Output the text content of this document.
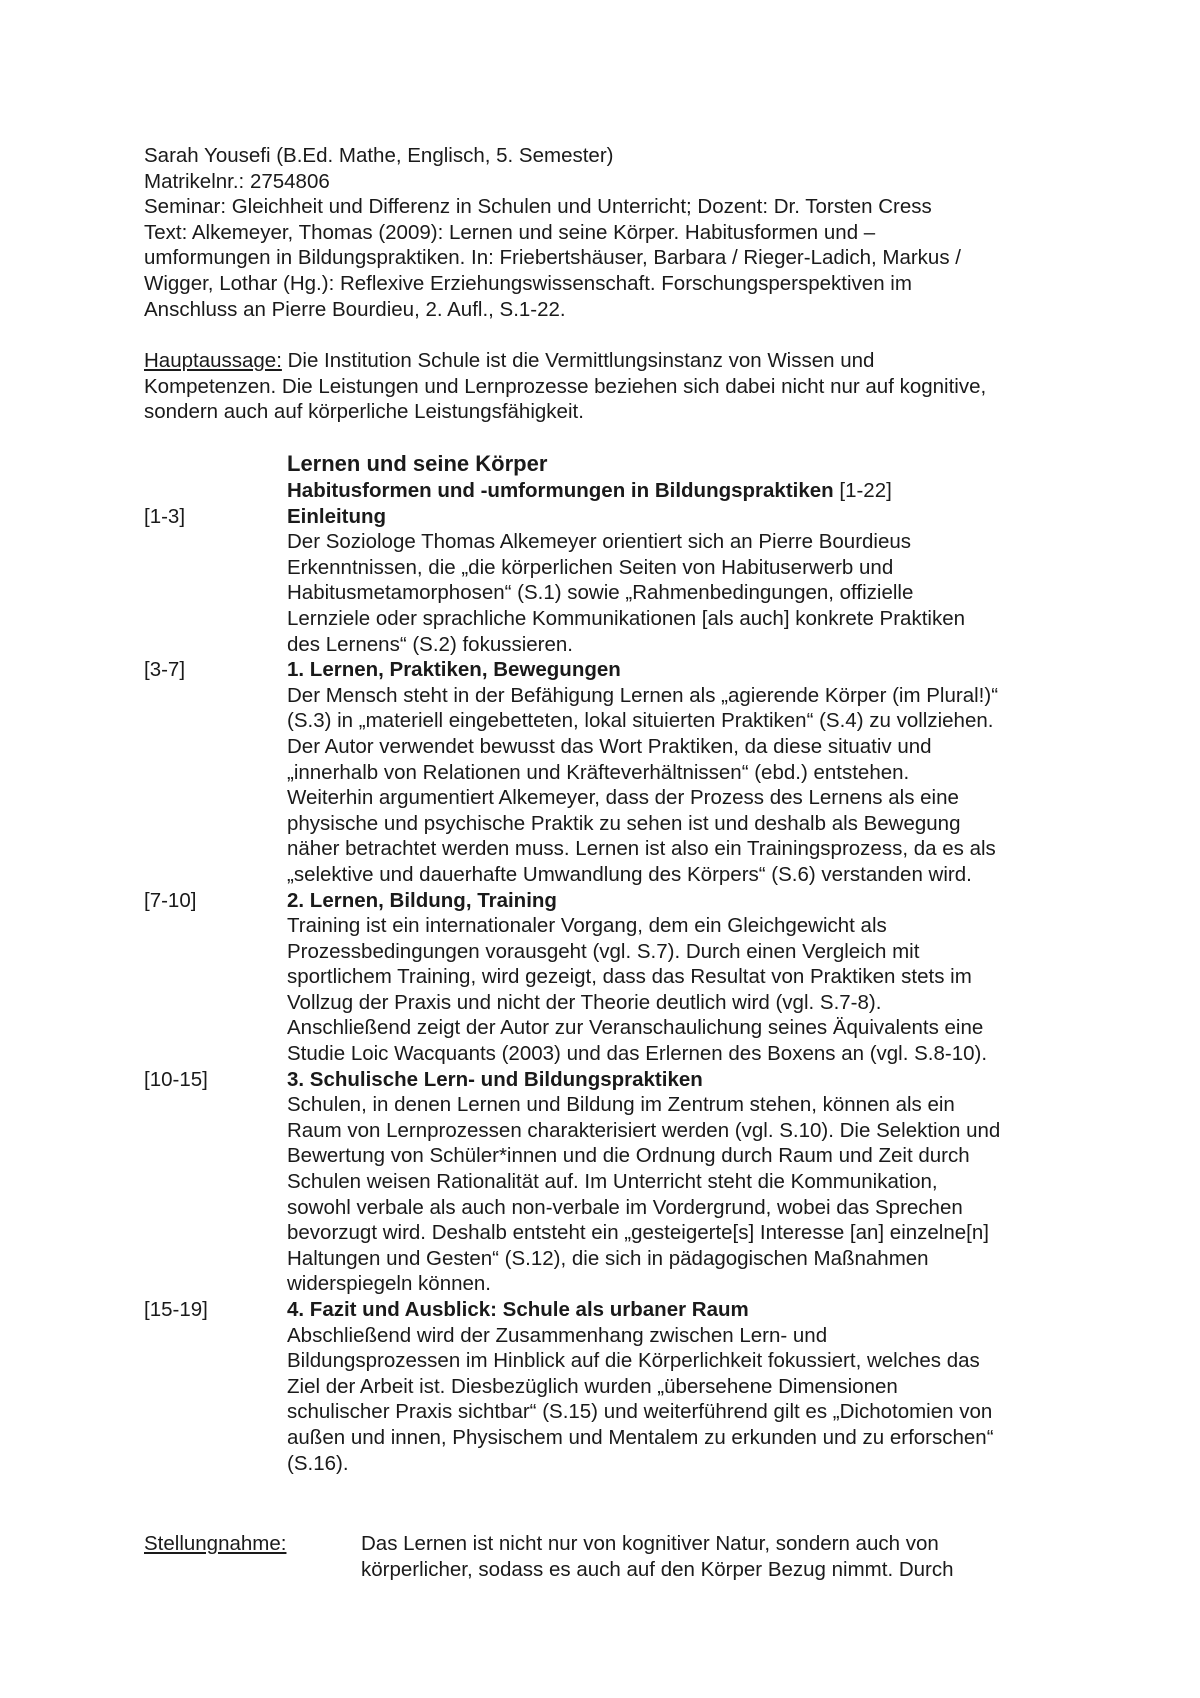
Sarah Yousefi (B.Ed. Mathe, Englisch, 5. Semester)
Matrikelnr.: 2754806
Seminar: Gleichheit und Differenz in Schulen und Unterricht; Dozent: Dr. Torsten Cress
Text: Alkemeyer, Thomas (2009): Lernen und seine Körper. Habitusformen und –
umformungen in Bildungspraktiken. In: Friebertshäuser, Barbara / Rieger-Ladich, Markus /
Wigger, Lothar (Hg.): Reflexive Erziehungswissenschaft. Forschungsperspektiven im
Anschluss an Pierre Bourdieu, 2. Aufl., S.1-22.
Hauptaussage: Die Institution Schule ist die Vermittlungsinstanz von Wissen und
Kompetenzen. Die Leistungen und Lernprozesse beziehen sich dabei nicht nur auf kognitive,
sondern auch auf körperliche Leistungsfähigkeit.
Lernen und seine Körper
Habitusformen und -umformungen in Bildungspraktiken [1-22]
[1-3]	Einleitung
Der Soziologe Thomas Alkemeyer orientiert sich an Pierre Bourdieus
Erkenntnissen, die „die körperlichen Seiten von Habituserwerb und
Habitusmetamorphosen“ (S.1) sowie „Rahmenbedingungen, offizielle
Lernziele oder sprachliche Kommunikationen [als auch] konkrete Praktiken
des Lernens“ (S.2) fokussieren.
[3-7]	1. Lernen, Praktiken, Bewegungen
Der Mensch steht in der Befähigung Lernen als „agierende Körper (im Plural!)“
(S.3) in „materiell eingebetteten, lokal situierten Praktiken“ (S.4) zu vollziehen.
Der Autor verwendet bewusst das Wort Praktiken, da diese situativ und
„innerhalb von Relationen und Kräfteverhältnissen“ (ebd.) entstehen.
Weiterhin argumentiert Alkemeyer, dass der Prozess des Lernens als eine
physische und psychische Praktik zu sehen ist und deshalb als Bewegung
näher betrachtet werden muss. Lernen ist also ein Trainingsprozess, da es als
„selektive und dauerhafte Umwandlung des Körpers“ (S.6) verstanden wird.
[7-10]	2. Lernen, Bildung, Training
Training ist ein internationaler Vorgang, dem ein Gleichgewicht als
Prozessbedingungen vorausgeht (vgl. S.7). Durch einen Vergleich mit
sportlichem Training, wird gezeigt, dass das Resultat von Praktiken stets im
Vollzug der Praxis und nicht der Theorie deutlich wird (vgl. S.7-8).
Anschließend zeigt der Autor zur Veranschaulichung seines Äquivalents eine
Studie Loic Wacquants (2003) und das Erlernen des Boxens an (vgl. S.8-10).
[10-15]	3. Schulische Lern- und Bildungspraktiken
Schulen, in denen Lernen und Bildung im Zentrum stehen, können als ein
Raum von Lernprozessen charakterisiert werden (vgl. S.10). Die Selektion und
Bewertung von Schüler*innen und die Ordnung durch Raum und Zeit durch
Schulen weisen Rationalität auf. Im Unterricht steht die Kommunikation,
sowohl verbale als auch non-verbale im Vordergrund, wobei das Sprechen
bevorzugt wird. Deshalb entsteht ein „gesteigerte[s] Interesse [an] einzelne[n]
Haltungen und Gesten“ (S.12), die sich in pädagogischen Maßnahmen
widerspiegeln können.
[15-19]	4. Fazit und Ausblick: Schule als urbaner Raum
Abschließend wird der Zusammenhang zwischen Lern- und
Bildungsprozessen im Hinblick auf die Körperlichkeit fokussiert, welches das
Ziel der Arbeit ist. Diesbezüglich wurden „übersehene Dimensionen
schulischer Praxis sichtbar“ (S.15) und weiterführend gilt es „Dichotomien von
außen und innen, Physischem und Mentalem zu erkunden und zu erforschen“
(S.16).
Stellungnahme:	Das Lernen ist nicht nur von kognitiver Natur, sondern auch von
körperlicher, sodass es auch auf den Körper Bezug nimmt. Durch
